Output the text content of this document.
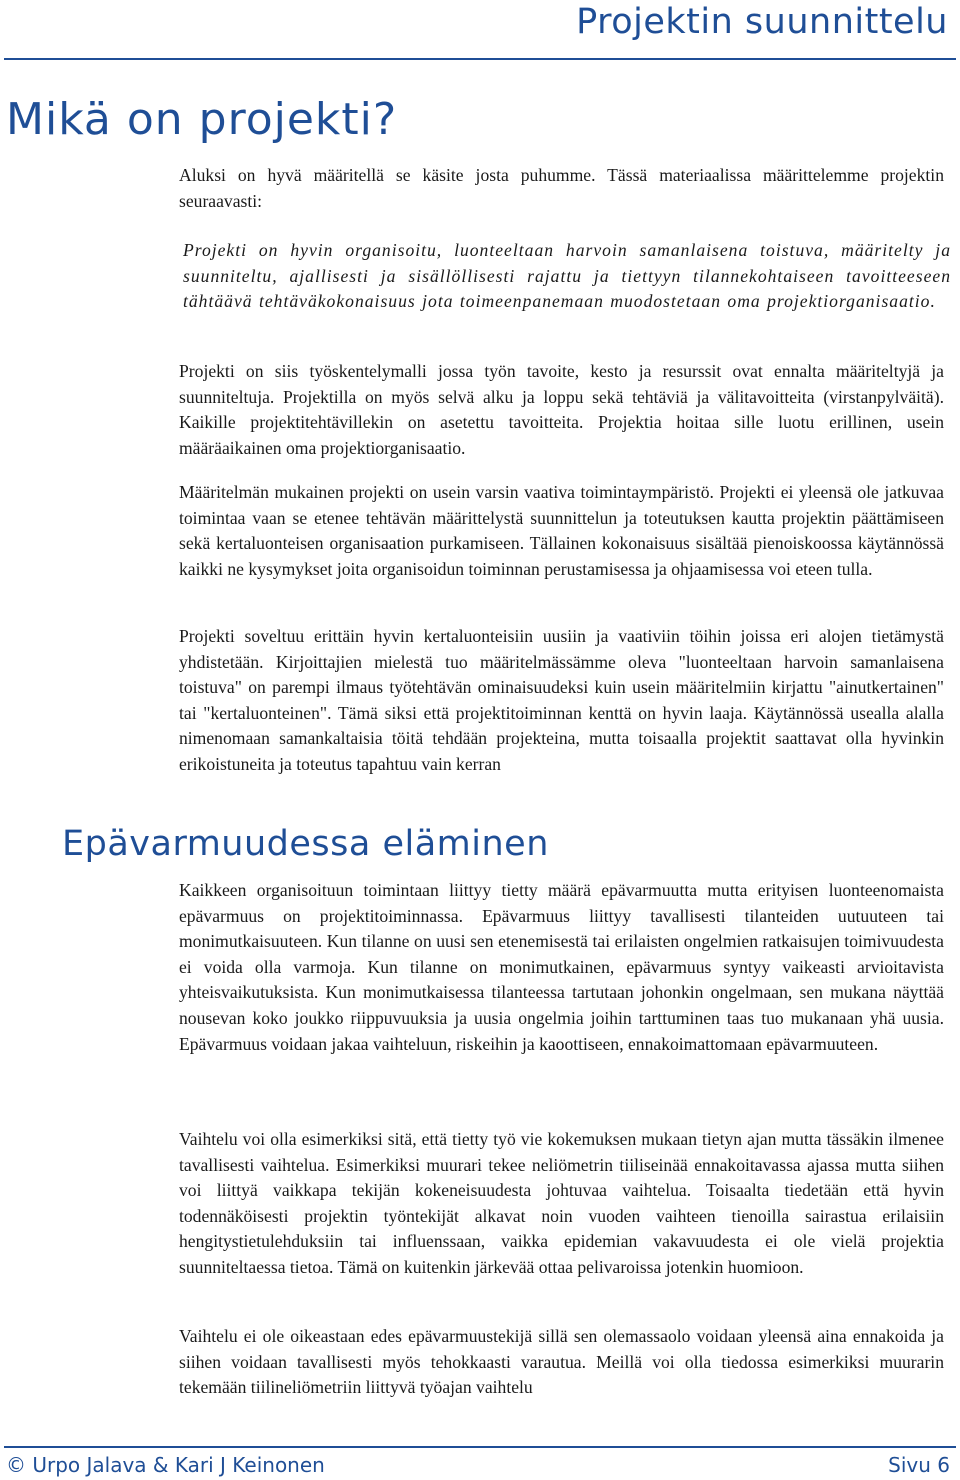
Projektin suunnittelu
Mikä on projekti?

Aluksi on hyvä määritellä se käsite josta puhumme. Tässä materiaalissa määrittelemme projektin seuraavasti:

Projekti on hyvin organisoitu, luonteeltaan harvoin samanlaisena toistuva, määritelty ja suunniteltu, ajallisesti ja sisällöllisesti rajattu ja tiettyyn tilannekohtaiseen tavoitteeseen tähtäävä tehtäväkokonaisuus jota toimeenpanemaan muodostetaan oma projektiorganisaatio.

Projekti on siis työskentelymalli jossa työn tavoite, kesto ja resurssit ovat ennalta määriteltyjä ja suunniteltuja. Projektilla on myös selvä alku ja loppu sekä tehtäviä ja välitavoitteita (virstanpylväitä). Kaikille projektitehtävillekin on asetettu tavoitteita. Projektia hoitaa sille luotu erillinen, usein määräaikainen oma projektiorganisaatio.

Määritelmän mukainen projekti on usein varsin vaativa toimintaympäristö. Projekti ei yleensä ole jatkuvaa toimintaa vaan se etenee tehtävän määrittelystä suunnittelun ja toteutuksen kautta projektin päättämiseen sekä kertaluonteisen organisaation purkamiseen. Tällainen kokonaisuus sisältää pienoiskoossa käytännössä kaikki ne kysymykset joita organisoidun toiminnan perustamisessa ja ohjaamisessa voi eteen tulla.

Projekti soveltuu erittäin hyvin kertaluonteisiin uusiin ja vaativiin töihin joissa eri alojen tietämystä yhdistetään. Kirjoittajien mielestä tuo määritelmässämme oleva "luonteeltaan harvoin samanlaisena toistuva" on parempi ilmaus työtehtävän ominaisuudeksi kuin usein määritelmiin kirjattu "ainutkertainen" tai "kertaluonteinen". Tämä siksi että projektitoiminnan kenttä on hyvin laaja. Käytännössä usealla alalla nimenomaan samankaltaisia töitä tehdään projekteina, mutta toisaalla projektit saattavat olla hyvinkin erikoistuneita ja toteutus tapahtuu vain kerran

Epävarmuudessa eläminen

Kaikkeen organisoituun toimintaan liittyy tietty määrä epävarmuutta mutta erityisen luonteenomaista epävarmuus on projektitoiminnassa. Epävarmuus liittyy tavallisesti tilanteiden uutuuteen tai monimutkaisuuteen. Kun tilanne on uusi sen etenemisestä tai erilaisten ongelmien ratkaisujen toimivuudesta ei voida olla varmoja. Kun tilanne on monimutkainen, epävarmuus syntyy vaikeasti arvioitavista yhteisvaikutuksista. Kun monimutkaisessa tilanteessa tartutaan johonkin ongelmaan, sen mukana näyttää nousevan koko joukko riippuvuuksia ja uusia ongelmia joihin tarttuminen taas tuo mukanaan yhä uusia. Epävarmuus voidaan jakaa vaihteluun, riskeihin ja kaoottiseen, ennakoimattomaan epävarmuuteen.

Vaihtelu voi olla esimerkiksi sitä, että tietty työ vie kokemuksen mukaan tietyn ajan mutta tässäkin ilmenee tavallisesti vaihtelua. Esimerkiksi muurari tekee neliömetrin tiiliseinää ennakoitavassa ajassa mutta siihen voi liittyä vaikkapa tekijän kokeneisuudesta johtuvaa vaihtelua. Toisaalta tiedetään että hyvin todennäköisesti projektin työntekijät alkavat noin vuoden vaihteen tienoilla sairastua erilaisiin hengitystietulehduksiin tai influenssaan, vaikka epidemian vakavuudesta ei ole vielä projektia suunniteltaessa tietoa. Tämä on kuitenkin järkevää ottaa pelivaroissa jotenkin huomioon.

Vaihtelu ei ole oikeastaan edes epävarmuustekijä sillä sen olemassaolo voidaan yleensä aina ennakoida ja siihen voidaan tavallisesti myös tehokkaasti varautua. Meillä voi olla tiedossa esimerkiksi muurarin tekemään tiilineliömetriin liittyvä työajan vaihtelu

© Urpo Jalava & Kari J Keinonen	Sivu 6
